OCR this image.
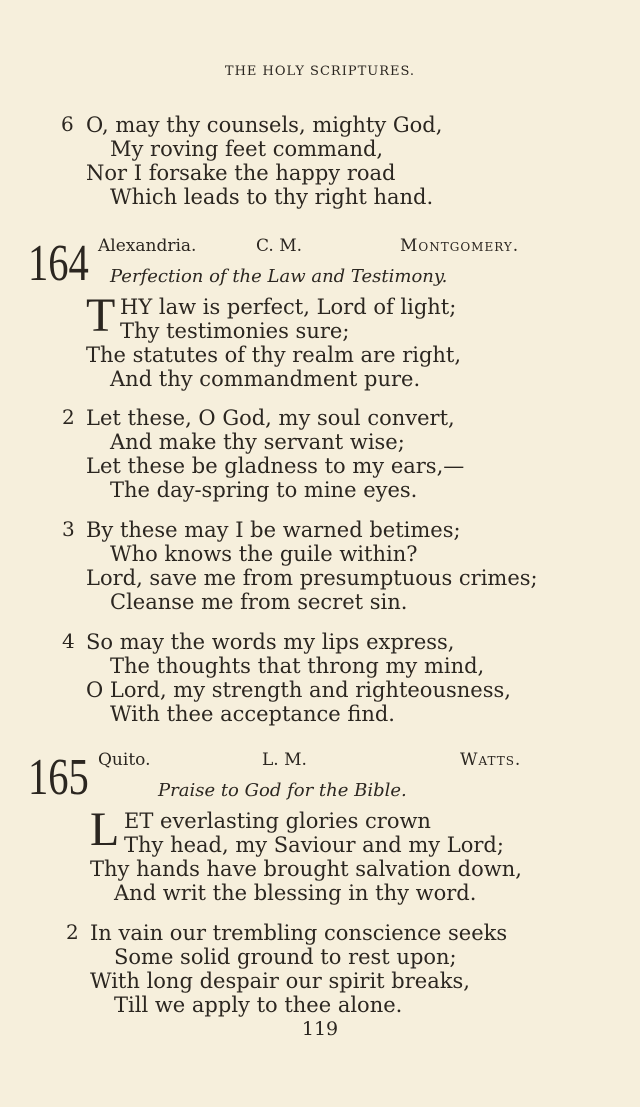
THE HOLY SCRIPTURES.
6 O, may thy counsels, mighty God,
My roving feet command,
Nor I forsake the happy road
Which leads to thy right hand.
164 Alexandria.	C. M.	Montgomery.
Perfection of the Law and Testimony.
T HY law is perfect, Lord of light;
Thy testimonies sure;
The statutes of thy realm are right,
And thy commandment pure.
2 Let these, O God, my soul convert,
And make thy servant wise;
Let these be gladness to my ears,—
The day-spring to mine eyes.
3 By these may I be warned betimes;
Who knows the guile within?
Lord, save me from presumptuous crimes;
Cleanse me from secret sin.
4 So may the words my lips express,
The thoughts that throng my mind,
O Lord, my strength and righteousness,
With thee acceptance find.
165 Quito.	L. M.	Watts.
Praise to God for the Bible.
L ET everlasting glories crown
Thy head, my Saviour and my Lord;
Thy hands have brought salvation down,
And writ the blessing in thy word.
2 In vain our trembling conscience seeks
Some solid ground to rest upon;
With long despair our spirit breaks,
Till we apply to thee alone.
119
